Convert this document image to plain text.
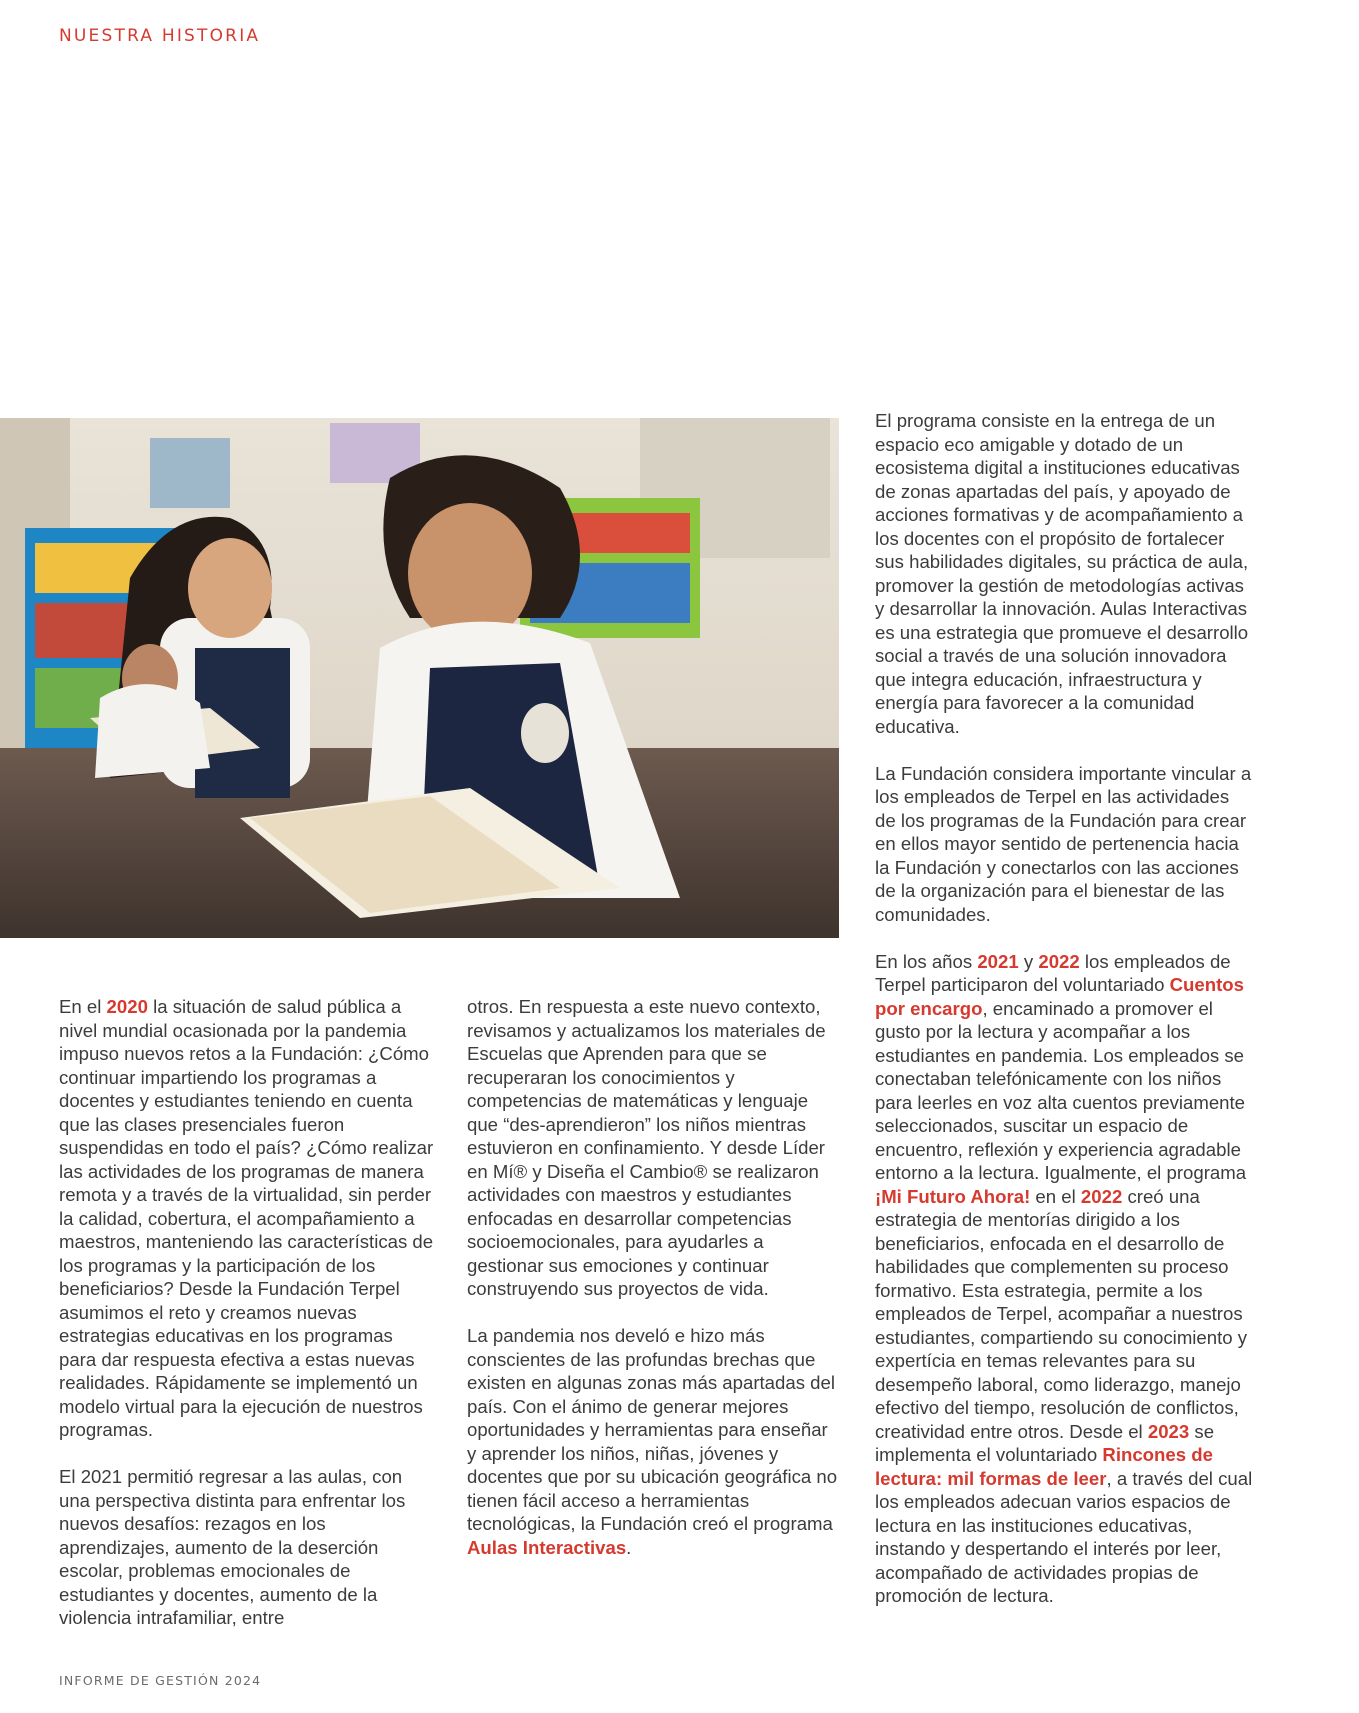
NUESTRA HISTORIA

En el 2020 la situación de salud pública a nivel mundial ocasionada por la pandemia impuso nuevos retos a la Fundación: ¿Cómo continuar impartiendo los programas a docentes y estudiantes teniendo en cuenta que las clases presenciales fueron suspendidas en todo el país? ¿Cómo realizar las actividades de los programas de manera remota y a través de la virtualidad, sin perder la calidad, cobertura, el acompañamiento a maestros, manteniendo las características de los programas y la participación de los beneficiarios? Desde la Fundación Terpel asumimos el reto y creamos nuevas estrategias educativas en los programas para dar respuesta efectiva a estas nuevas realidades. Rápidamente se implementó un modelo virtual para la ejecución de nuestros programas.

El 2021 permitió regresar a las aulas, con una perspectiva distinta para enfrentar los nuevos desafíos: rezagos en los aprendizajes, aumento de la deserción escolar, problemas emocionales de estudiantes y docentes, aumento de la violencia intrafamiliar, entre

otros. En respuesta a este nuevo contexto, revisamos y actualizamos los materiales de Escuelas que Aprenden para que se recuperaran los conocimientos y competencias de matemáticas y lenguaje que “des-aprendieron” los niños mientras estuvieron en confinamiento. Y desde Líder en Mí® y Diseña el Cambio® se realizaron actividades con maestros y estudiantes enfocadas en desarrollar competencias socioemocionales, para ayudarles a gestionar sus emociones y continuar construyendo sus proyectos de vida.

La pandemia nos develó e hizo más conscientes de las profundas brechas que existen en algunas zonas más apartadas del país. Con el ánimo de generar mejores oportunidades y herramientas para enseñar y aprender los niños, niñas, jóvenes y docentes que por su ubicación geográfica no tienen fácil acceso a herramientas tecnológicas, la Fundación creó el programa Aulas Interactivas.

El programa consiste en la entrega de un espacio eco amigable y dotado de un ecosistema digital a instituciones educativas de zonas apartadas del país, y apoyado de acciones formativas y de acompañamiento a los docentes con el propósito de fortalecer sus habilidades digitales, su práctica de aula, promover la gestión de metodologías activas y desarrollar la innovación. Aulas Interactivas es una estrategia que promueve el desarrollo social a través de una solución innovadora que integra educación, infraestructura y energía para favorecer a la comunidad educativa.

La Fundación considera importante vincular a los empleados de Terpel en las actividades de los programas de la Fundación para crear en ellos mayor sentido de pertenencia hacia la Fundación y conectarlos con las acciones de la organización para el bienestar de las comunidades.

En los años 2021 y 2022 los empleados de Terpel participaron del voluntariado Cuentos por encargo, encaminado a promover el gusto por la lectura y acompañar a los estudiantes en pandemia. Los empleados se conectaban telefónicamente con los niños para leerles en voz alta cuentos previamente seleccionados, suscitar un espacio de encuentro, reflexión y experiencia agradable entorno a la lectura. Igualmente, el programa ¡Mi Futuro Ahora! en el 2022 creó una estrategia de mentorías dirigido a los beneficiarios, enfocada en el desarrollo de habilidades que complementen su proceso formativo. Esta estrategia, permite a los empleados de Terpel, acompañar a nuestros estudiantes, compartiendo su conocimiento y expertícia en temas relevantes para su desempeño laboral, como liderazgo, manejo efectivo del tiempo, resolución de conflictos, creatividad entre otros. Desde el 2023 se implementa el voluntariado Rincones de lectura: mil formas de leer, a través del cual los empleados adecuan varios espacios de lectura en las instituciones educativas, instando y despertando el interés por leer, acompañado de actividades propias de promoción de lectura.

INFORME DE GESTIÓN 2024
